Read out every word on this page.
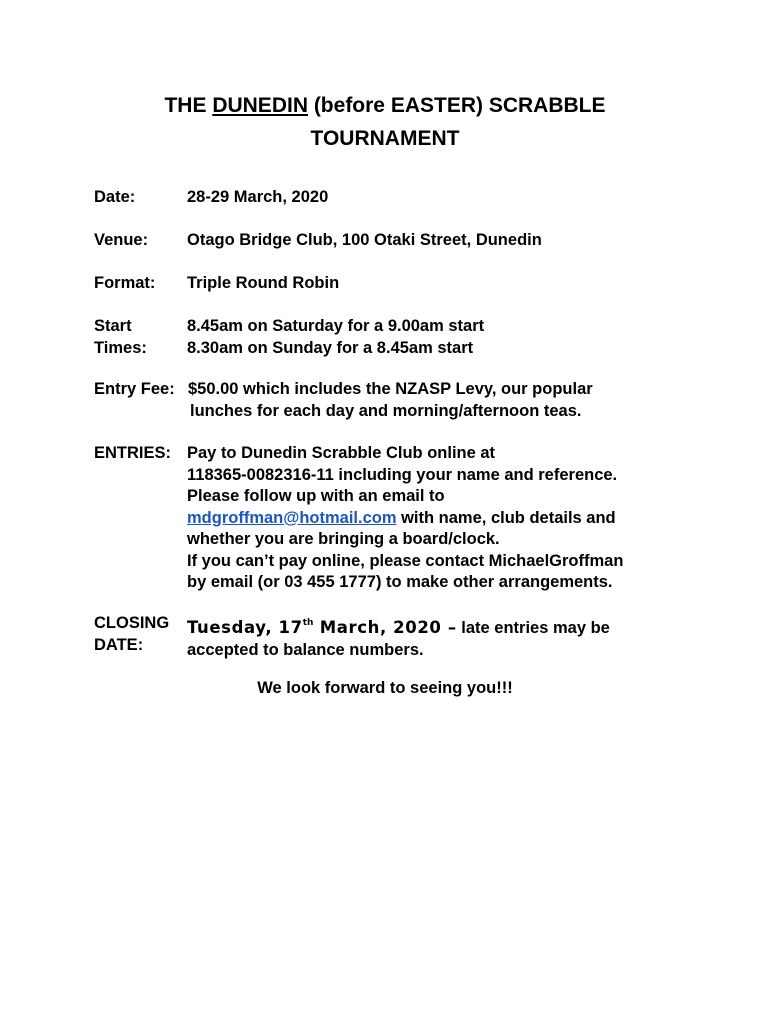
THE DUNEDIN (before EASTER) SCRABBLE
TOURNAMENT
Date:	28-29 March, 2020
Venue: Otago Bridge Club, 100 Otaki Street, Dunedin
Format: Triple Round Robin
Start
Times:
8.45am on Saturday for a 9.00am start
8.30am on Sunday for a 8.45am start
Entry Fee: $50.00 which includes the NZASP Levy, our popular
lunches for each day and morning/afternoon teas.
ENTRIES: Pay to Dunedin Scrabble Club online at
118365-0082316-11 including your name and reference.
Please follow up with an email to
mdgroffman@hotmail.com with name, club details and
whether you are bringing a board/clock.
If you can’t pay online, please contact MichaelGroffman
by email (or 03 455 1777) to make other arrangements.
CLOSING
DATE:
Tuesday, 17th March, 2020 – late entries may be
accepted to balance numbers.
We look forward to seeing you!!!
